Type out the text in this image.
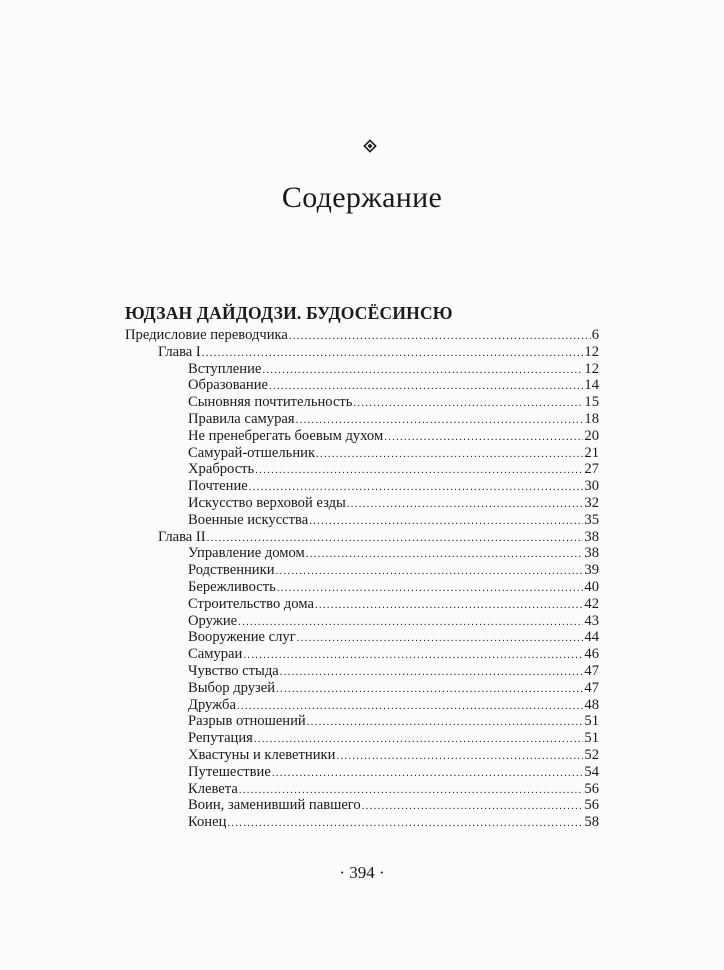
Содержание
ЮДЗАН ДАЙДОДЗИ. БУДОСЁСИНСЮ
Предисловие переводчика .....	6
Глава I .....	12
Вступление .....	12
Образование .....	14
Сыновняя почтительность .....	15
Правила самурая .....	18
Не пренебрегать боевым духом .....	20
Самурай-отшельник .....	21
Храбрость .....	27
Почтение .....	30
Искусство верховой езды .....	32
Военные искусства .....	35
Глава II .....	38
Управление домом .....	38
Родственники .....	39
Бережливость .....	40
Строительство дома .....	42
Оружие .....	43
Вооружение слуг .....	44
Самураи .....	46
Чувство стыда .....	47
Выбор друзей .....	47
Дружба .....	48
Разрыв отношений .....	51
Репутация .....	51
Хвастуны и клеветники .....	52
Путешествие .....	54
Клевета .....	56
Воин, заменивший павшего .....	56
Конец .....	58
· 394 ·
